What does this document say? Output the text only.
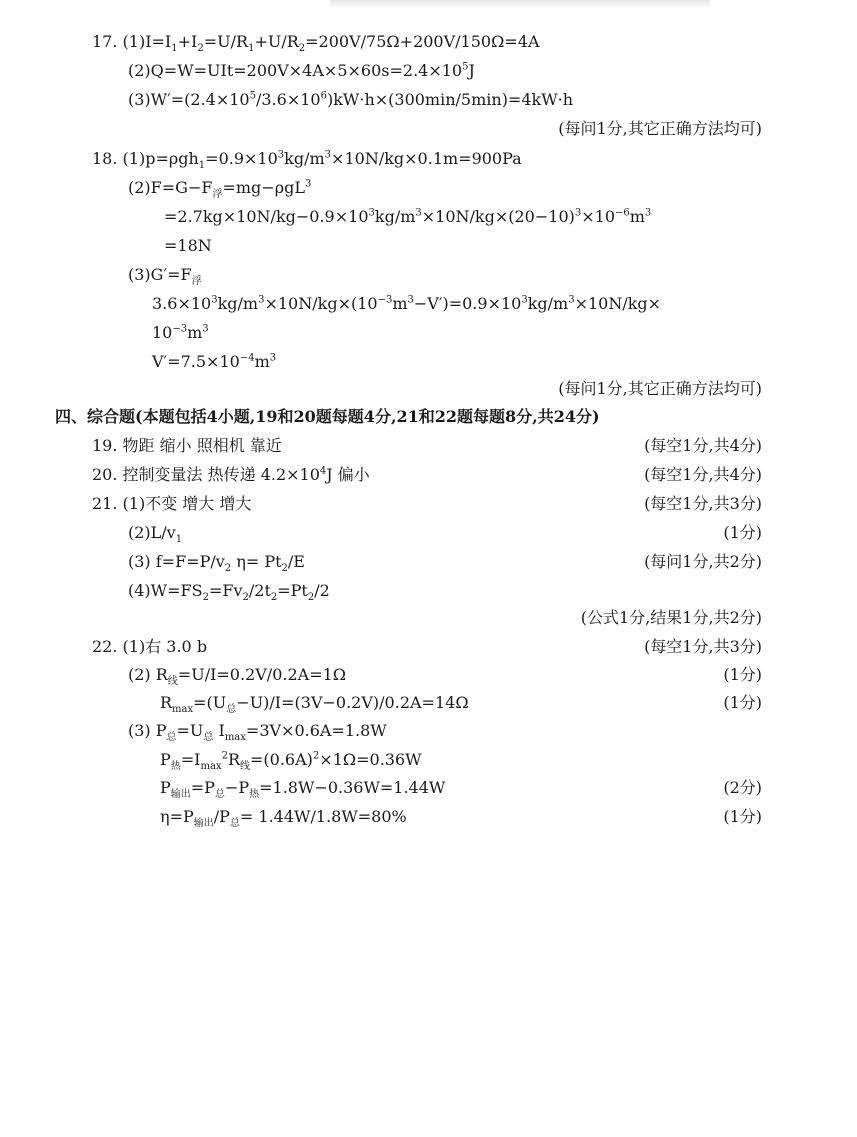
17. $(1)I=I_1+I_2=U/R_1+U/R_2=200V/75\Omega+200V/150\Omega=4A$
$(2)Q=W=UIt=200V\times 4A\times 5\times 60s=2.4\times 10^5J$
$(3)W'=(2.4\times 10^5/3.6\times 10^6)kW\cdot h\times(300\min/5\min)=4kW\cdot h$
(每问1分,其它正确方法均可)
18. $(1)p=\rho gh_1=0.9\times 10^3kg/m^3\times 10N/kg\times 0.1m=900Pa$
$(2)F=G-F_浮=mg-\rho gL^3$
$=2.7kg\times 10N/kg-0.9\times 10^3kg/m^3\times 10N/kg\times(20-10)^3\times 10^{-6}m^3$
=18N
$(3)G'=F_浮$
$3.6\times 10^3kg/m^3\times 10N/kg\times(10^{-3}m^3-V')=0.9\times 10^3kg/m^3\times 10N/kg\times$
$10^{-3}m^3$
$V'=7.5\times 10^{-4}m^3$
(每问1分,其它正确方法均可)
四、综合题(本题包括4小题,19和20题每题4分,21和22题每题8分,共24分)
19. 物距 缩小 照相机 靠近	(每空1分,共4分)
20. 控制变量法 热传递 $4.2\times 10^4J$ 偏小	(每空1分,共4分)
21. (1)不变 增大 增大	(每空1分,共3分)
$(2)L/v_1$	(1分)
(3) $f=F=P/v_2$ $\eta= Pt_2/E$	(每问1分,共2分)
$(4)W=FS_2=Fv_2/2t_2=Pt_2/2$
(公式1分,结果1分,共2分)
22. (1)右 3.0 b	(每空1分,共3分)
(2) $R_线=U/I=0.2V/0.2A=1\Omega$	(1分)
$R_{max}=(U_总-U)/I=(3V-0.2V)/0.2A=14\Omega$	(1分)
(3) $P_总=U_总$ $I_{max}=3V\times 0.6A=1.8W$
$P_热=I_{max}^2R_线=(0.6A)^2\times 1\Omega=0.36W$
$P_{输出}=P_总-P_热=1.8W-0.36W=1.44W$	(2分)
$\eta=P_{输出}/P_总= 1.44W/1.8W=80\%$	(1分)
